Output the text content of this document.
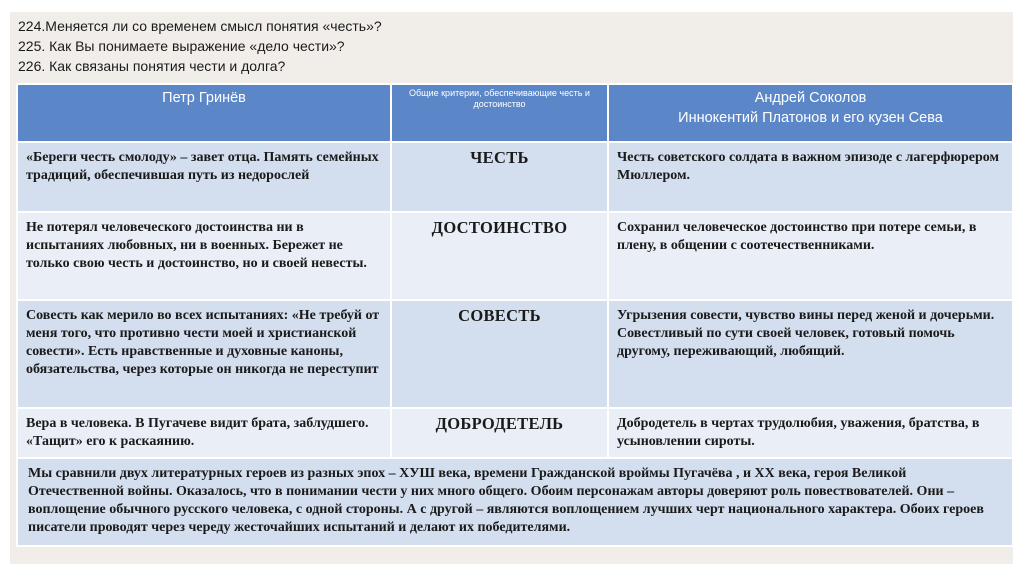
224.Меняется ли со временем смысл понятия «честь»?
225. Как Вы понимаете выражение «дело чести»?
226. Как связаны понятия чести и долга?
Петр Гринёв	Общие критерии, обеспечивающие честь и достоинство	Андрей Соколов
Иннокентий Платонов и его кузен Сева

«Береги честь смолоду» – завет отца. Память семейных традиций, обеспечившая путь из недорослей	ЧЕСТЬ	Честь советского солдата в важном эпизоде с лагерфюрером Мюллером.
Не потерял человеческого достоинства ни в испытаниях любовных, ни в военных. Бережет не только свою честь и достоинство, но и своей невесты.	ДОСТОИНСТВО	Сохранил человеческое достоинство при потере семьи, в плену, в общении с соотечественниками.
Совесть как мерило во всех испытаниях: «Не требуй от меня того, что противно чести моей и христианской совести». Есть нравственные и духовные каноны, обязательства, через которые он никогда не переступит	СОВЕСТЬ	Угрызения совести, чувство вины перед женой и дочерьми. Совестливый по сути своей человек, готовый помочь другому, переживающий, любящий.
Вера в человека. В Пугачеве видит брата, заблудшего. «Тащит» его к раскаянию.	ДОБРОДЕТЕЛЬ	Добродетель в чертах трудолюбия, уважения, братства, в усыновлении сироты.
Мы сравнили двух литературных героев из разных эпох – ХУШ века, времени Гражданской вроймы Пугачёва , и ХХ века, героя Великой Отечественной войны. Оказалось, что в понимании чести у них много общего. Обоим персонажам авторы доверяют роль повествователей. Они – воплощение обычного русского человека, с одной стороны. А с другой – являются воплощением лучших черт национального характера. Обоих героев писатели проводят через череду жесточайших испытаний и делают их победителями.		
